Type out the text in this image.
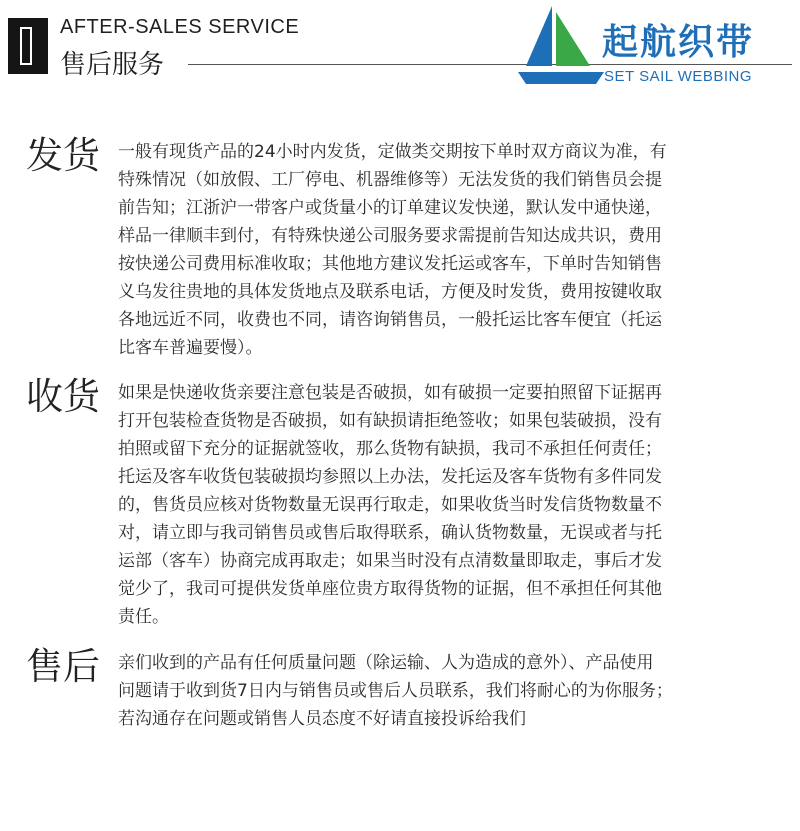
AFTER-SALES SERVICE
售后服务
起航织带
SET SAIL WEBBING
发货 一般有现货产品的24小时内发货，定做类交期按下单时双方商议为准，有
特殊情况（如放假、工厂停电、机器维修等）无法发货的我们销售员会提
前告知；江浙沪一带客户或货量小的订单建议发快递，默认发中通快递，
样品一律顺丰到付，有特殊快递公司服务要求需提前告知达成共识，费用
按快递公司费用标准收取；其他地方建议发托运或客车，下单时告知销售
义乌发往贵地的具体发货地点及联系电话，方便及时发货，费用按键收取
各地远近不同，收费也不同，请咨询销售员，一般托运比客车便宜（托运
比客车普遍要慢）。
收货 如果是快递收货亲要注意包装是否破损，如有破损一定要拍照留下证据再
打开包装检查货物是否破损，如有缺损请拒绝签收；如果包装破损，没有
拍照或留下充分的证据就签收，那么货物有缺损，我司不承担任何责任；
托运及客车收货包装破损均参照以上办法，发托运及客车货物有多件同发
的，售货员应核对货物数量无误再行取走，如果收货当时发信货物数量不
对，请立即与我司销售员或售后取得联系，确认货物数量，无误或者与托
运部（客车）协商完成再取走；如果当时没有点清数量即取走，事后才发
觉少了，我司可提供发货单座位贵方取得货物的证据，但不承担任何其他
责任。
售后 亲们收到的产品有任何质量问题（除运输、人为造成的意外）、产品使用
问题请于收到货7日内与销售员或售后人员联系，我们将耐心的为你服务；
若沟通存在问题或销售人员态度不好请直接投诉给我们
